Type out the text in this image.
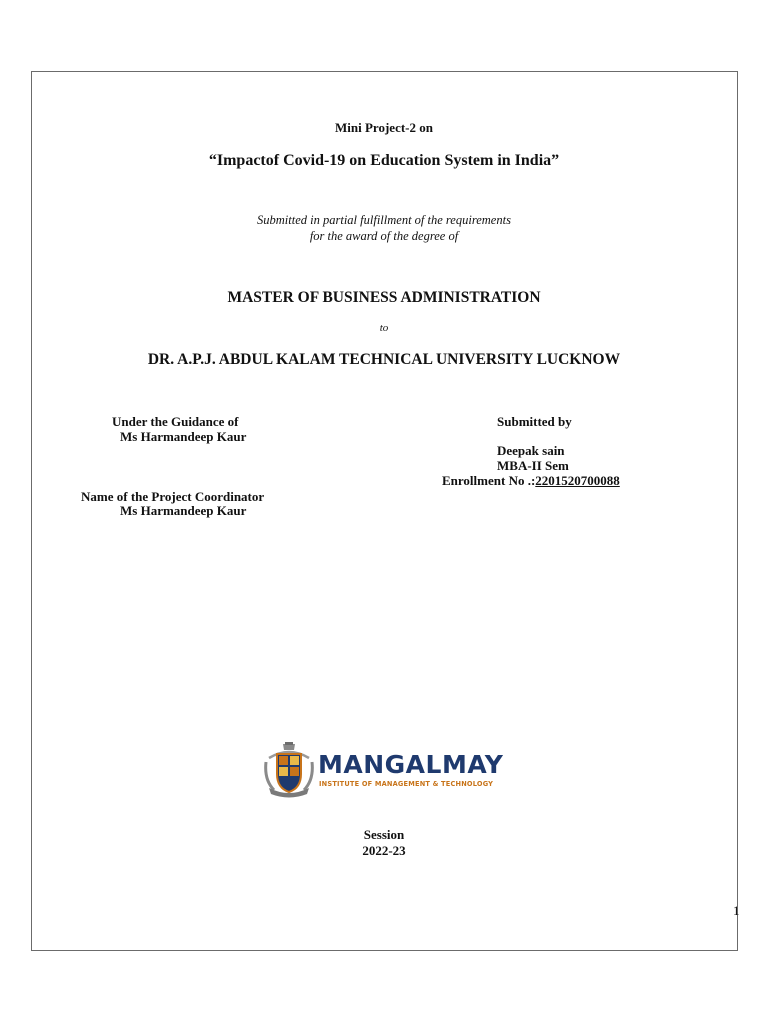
Mini Project-2 on
“Impactof Covid-19 on Education System in India”
Submitted in partial fulfillment of the requirements
for the award of the degree of
MASTER OF BUSINESS ADMINISTRATION
to
DR. A.P.J. ABDUL KALAM TECHNICAL UNIVERSITY LUCKNOW
Under the Guidance of
Ms Harmandeep Kaur
Name of the Project Coordinator
Ms Harmandeep Kaur
Submitted by
Deepak sain
MBA-II Sem
Enrollment No .:2201520700088
MANGALMAY
INSTITUTE OF MANAGEMENT & TECHNOLOGY
Session
2022-23
1
